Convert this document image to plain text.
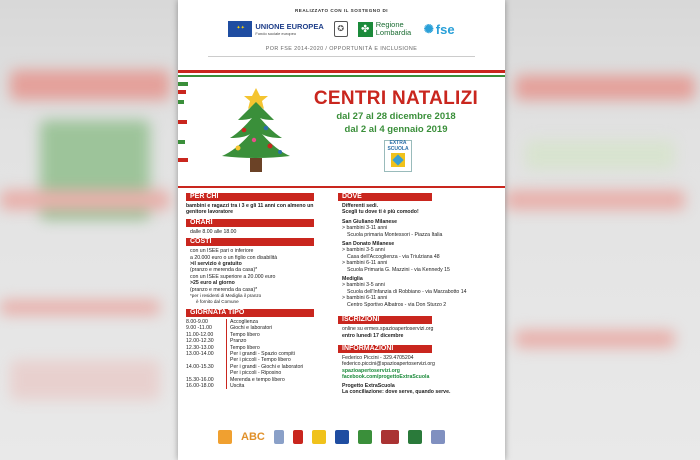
REALIZZATO CON IL SOSTEGNO DI
✦✦ UNIONE EUROPEA
Fondo sociale europeo	✪	✤ Regione Lombardia ✺ fse
POR FSE 2014-2020 / OPPORTUNITÀ E INCLUSIONE
CENTRI NATALIZI
dal 27 al 28 dicembre 2018
dal 2 al 4 gennaio 2019
EXTRA SCUOLA
PER CHI
bambini e ragazzi tra i 3 e gli 11 anni con almeno un genitore lavoratore
ORARI
dalle 8.00 alle 18.00
COSTI
con un ISEE pari o inferiore
a 20.000 euro o un figlio con disabilità
>il servizio è gratuito
(pranzo e merenda da casa)*
con un ISEE superiore a 20.000 euro
>25 euro al giorno
(pranzo e merenda da casa)*
*per i residenti di Mediglia il pranzo
è fornito dal Comune
GIORNATA TIPO
8.00-9.00	Accoglienza
9.00 -11.00	Giochi e laboratori
11.00-12.00	Tempo libero
12.00-12.30	Pranzo
12.30-13.00	Tempo libero
13.00-14.00	Per i grandi - Spazio compiti
Per i piccoli - Tempo libero
14.00-15.30	Per i grandi - Giochi e laboratori
Per i piccoli - Riposino
15.30-16.00	Merenda e tempo libero
16.00-18.00	Uscita
DOVE
Differenti sedi.
Scegli tu dove ti è più comodo!
San Giuliano Milanese
> bambini 3-11 anni
Scuola primaria Montessori - Piazza Italia
San Donato Milanese
> bambini 3-5 anni
Casa dell'Accoglienza - via Triulziana 48
> bambini 6-11 anni
Scuola Primaria G. Mazzini - via Kennedy 15
Mediglia
> bambini 3-5 anni
Scuola dell'Infanzia di Robbiano - via Marzabotto 14
> bambini 6-11 anni
Centro Sportivo Albatros - via Don Sturzo 2
ISCRIZIONI
online su ermes.spazioapertoservizi.org
entro lunedì 17 dicembre
INFORMAZIONI
Federico Piccini - 329.4705204
federico.piccini@spazioapertoservizi.org
spazioapertoservizi.org
facebook.com/progettoExtraScuola
Progetto ExtraScuola
La conciliazione: dove serve, quando serve.
ABC
